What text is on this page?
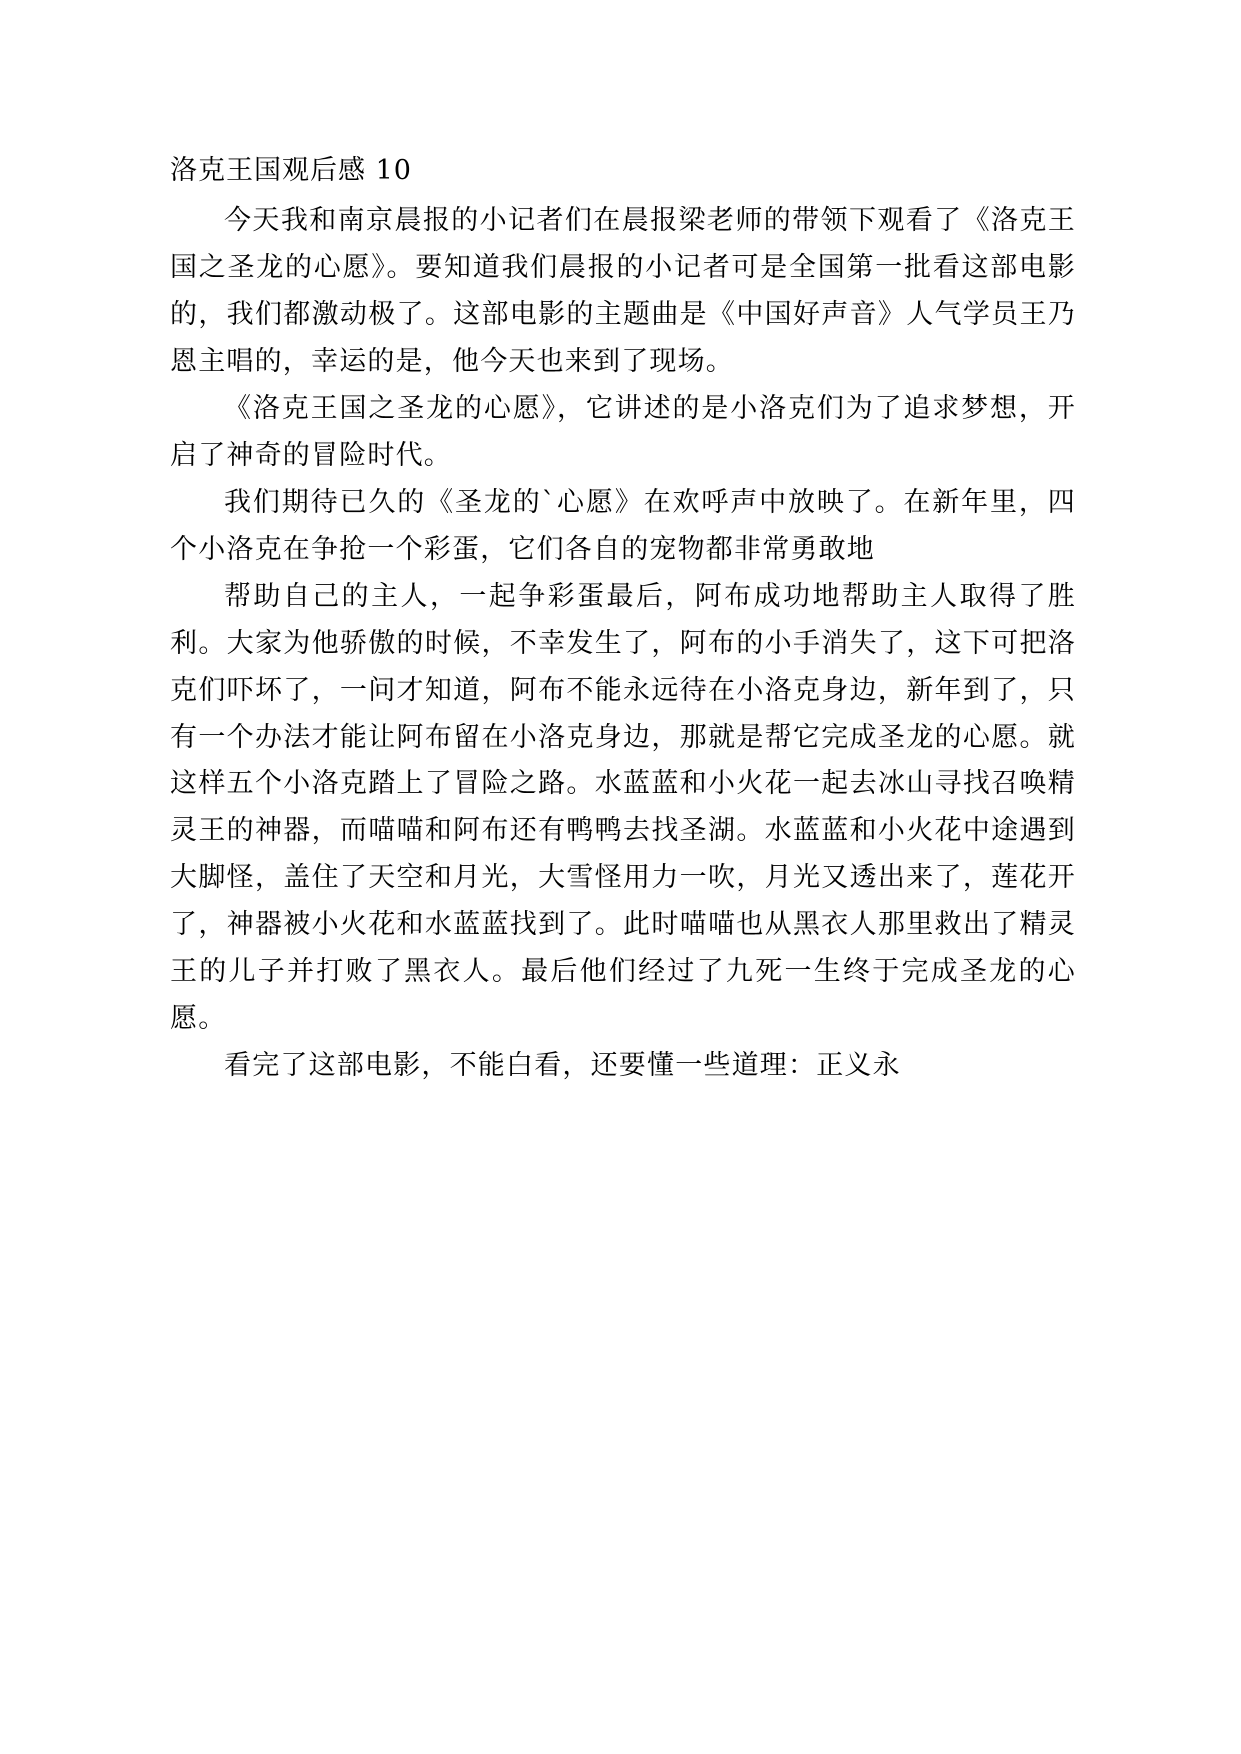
洛克王国观后感 10

今天我和南京晨报的小记者们在晨报梁老师的带领下观看了《洛克王国之圣龙的心愿》。要知道我们晨报的小记者可是全国第一批看这部电影的，我们都激动极了。这部电影的主题曲是《中国好声音》人气学员王乃恩主唱的，幸运的是，他今天也来到了现场。

《洛克王国之圣龙的心愿》，它讲述的是小洛克们为了追求梦想，开启了神奇的冒险时代。

我们期待已久的《圣龙的`心愿》在欢呼声中放映了。在新年里，四个小洛克在争抢一个彩蛋，它们各自的宠物都非常勇敢地

帮助自己的主人，一起争彩蛋最后，阿布成功地帮助主人取得了胜利。大家为他骄傲的时候，不幸发生了，阿布的小手消失了，这下可把洛克们吓坏了，一问才知道，阿布不能永远待在小洛克身边，新年到了，只有一个办法才能让阿布留在小洛克身边，那就是帮它完成圣龙的心愿。就这样五个小洛克踏上了冒险之路。水蓝蓝和小火花一起去冰山寻找召唤精灵王的神器，而喵喵和阿布还有鸭鸭去找圣湖。水蓝蓝和小火花中途遇到大脚怪，盖住了天空和月光，大雪怪用力一吹，月光又透出来了，莲花开了，神器被小火花和水蓝蓝找到了。此时喵喵也从黑衣人那里救出了精灵王的儿子并打败了黑衣人。最后他们经过了九死一生终于完成圣龙的心愿。

看完了这部电影，不能白看，还要懂一些道理：正义永
